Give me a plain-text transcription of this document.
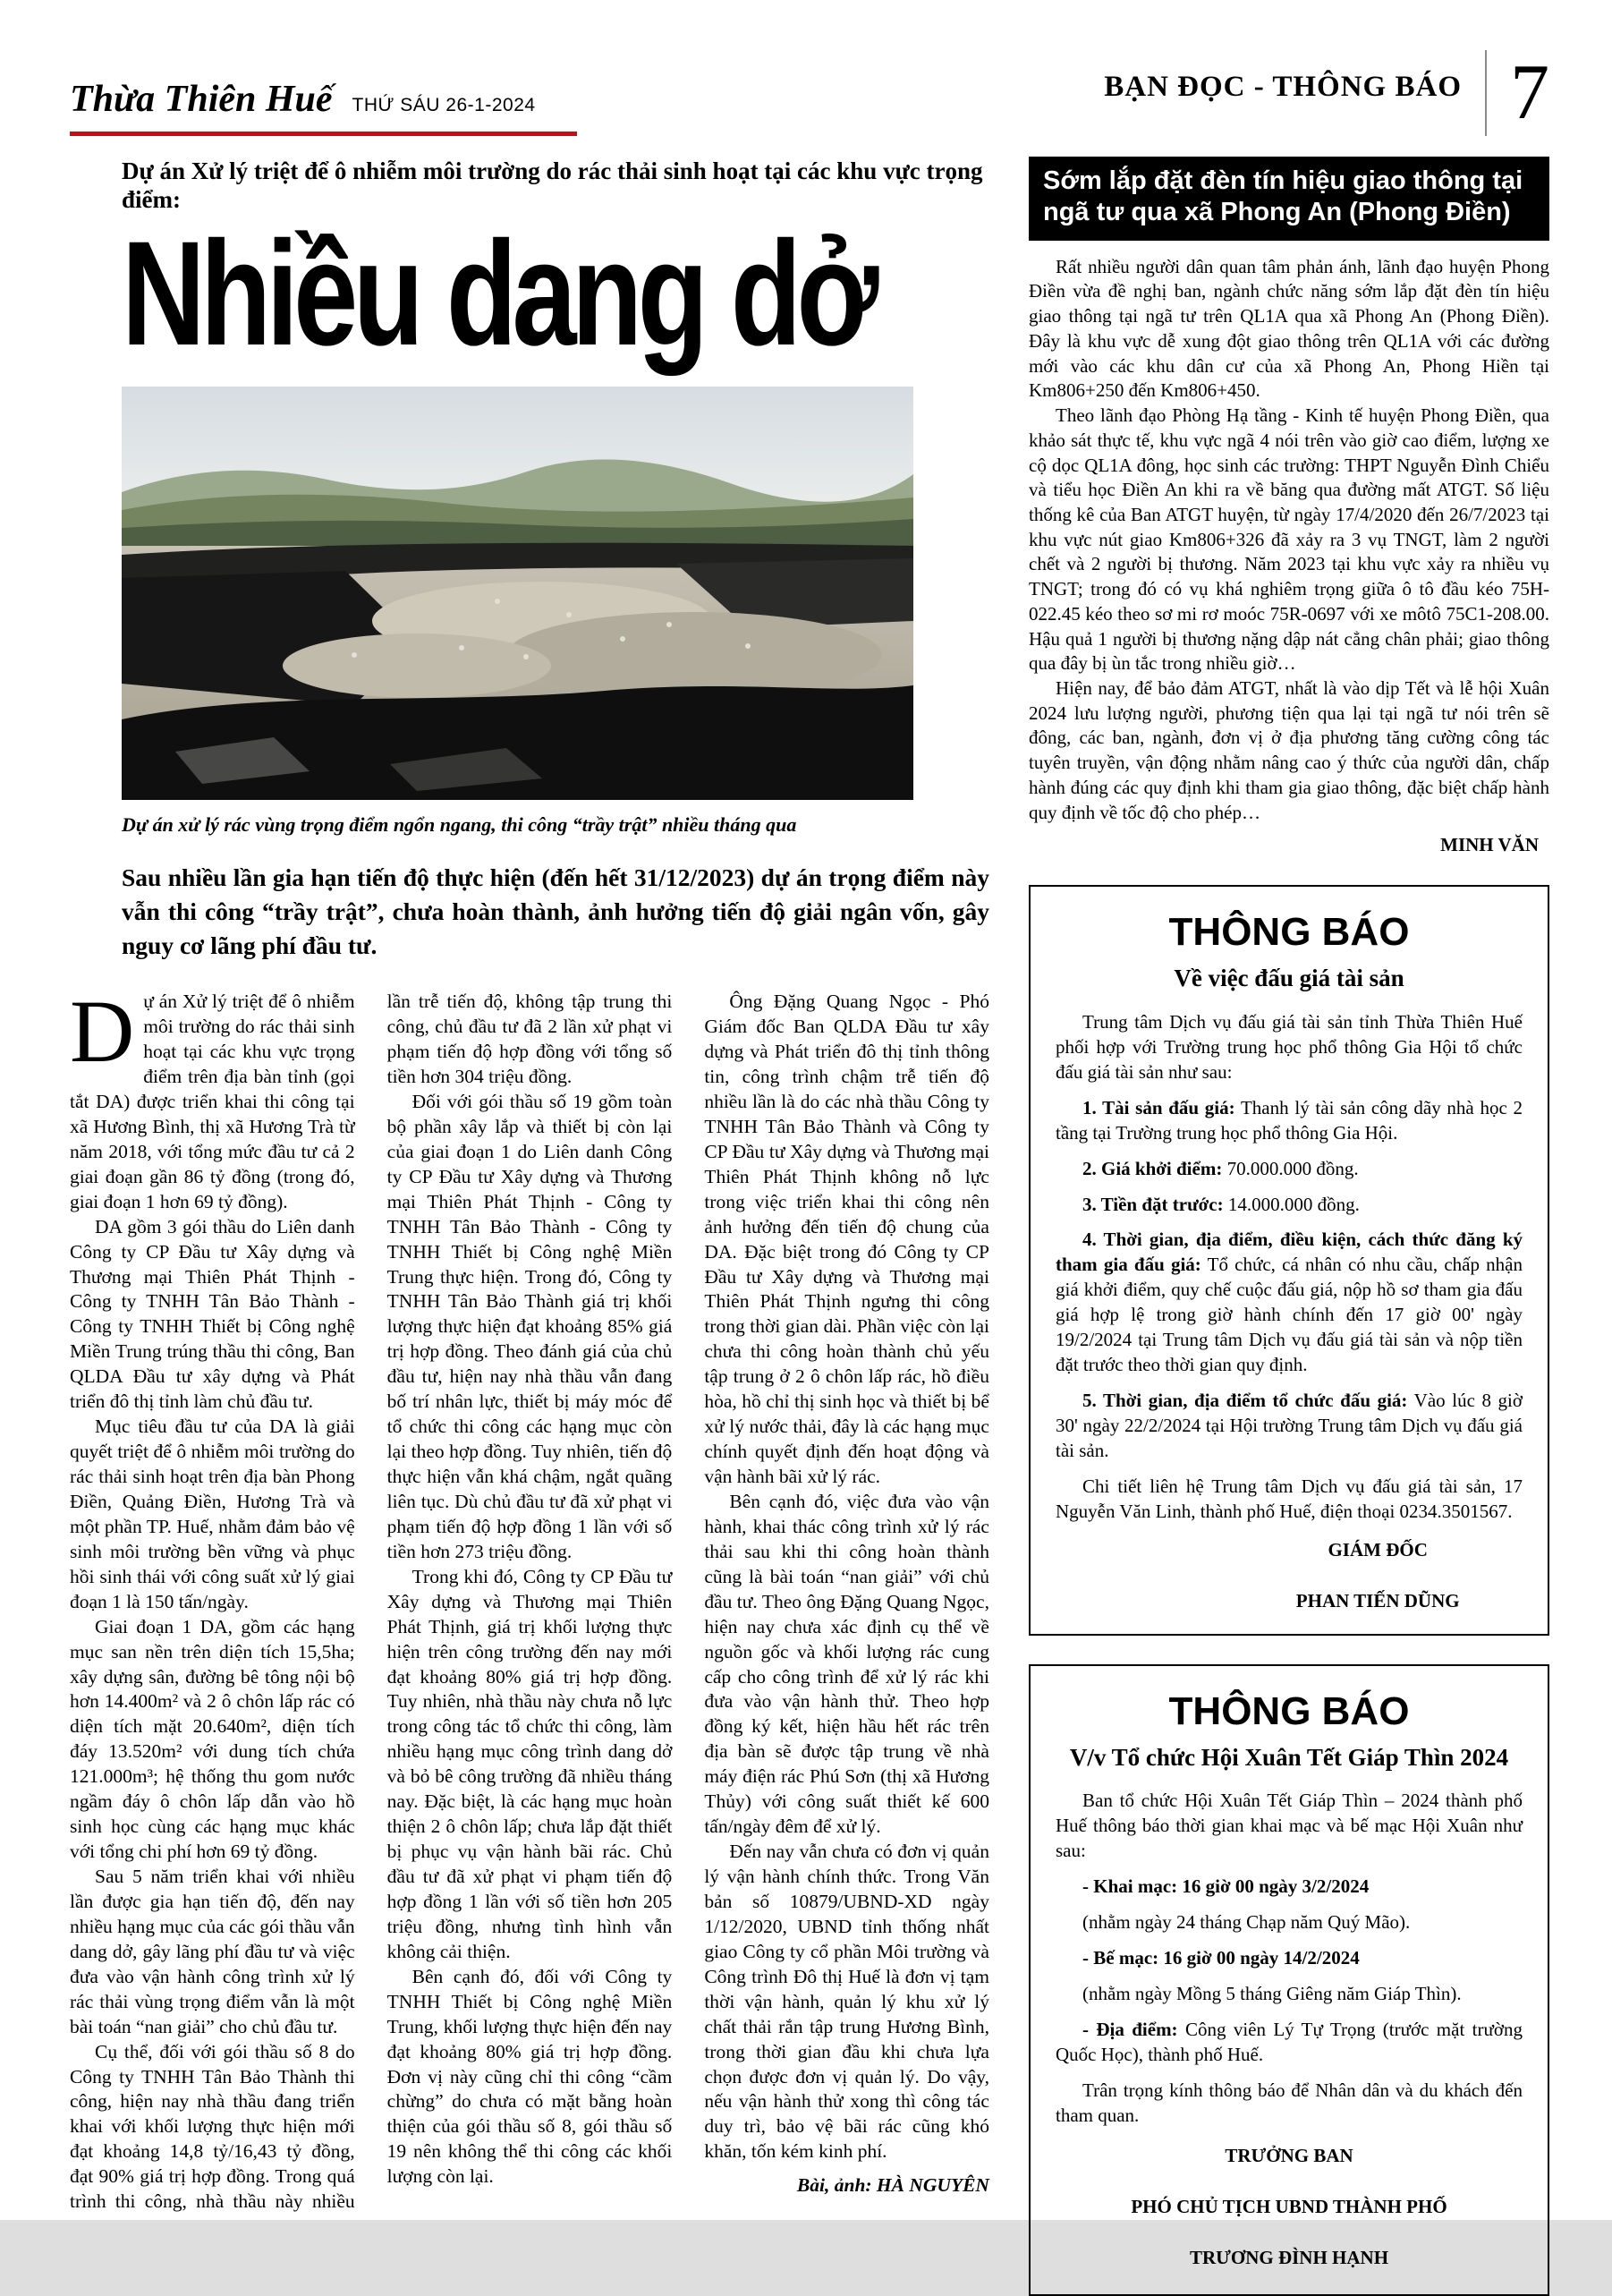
Thừa Thiên Huế THỨ SÁU 26-1-2024
BẠN ĐỌC - THÔNG BÁO 7
Dự án Xử lý triệt để ô nhiễm môi trường do rác thải sinh hoạt tại các khu vực trọng điểm:
Nhiều dang dở
Dự án xử lý rác vùng trọng điểm ngổn ngang, thi công “trầy trật” nhiều tháng qua
Sau nhiều lần gia hạn tiến độ thực hiện (đến hết 31/12/2023) dự án trọng điểm này vẫn thi công “trầy trật”, chưa hoàn thành, ảnh hưởng tiến độ giải ngân vốn, gây nguy cơ lãng phí đầu tư.

Dự án Xử lý triệt để ô nhiễm môi trường do rác thải sinh hoạt tại các khu vực trọng điểm trên địa bàn tỉnh (gọi tắt DA) được triển khai thi công tại xã Hương Bình, thị xã Hương Trà từ năm 2018, với tổng mức đầu tư cả 2 giai đoạn gần 86 tỷ đồng (trong đó, giai đoạn 1 hơn 69 tỷ đồng).

DA gồm 3 gói thầu do Liên danh Công ty CP Đầu tư Xây dựng và Thương mại Thiên Phát Thịnh - Công ty TNHH Tân Bảo Thành - Công ty TNHH Thiết bị Công nghệ Miền Trung trúng thầu thi công, Ban QLDA Đầu tư xây dựng và Phát triển đô thị tỉnh làm chủ đầu tư.

Mục tiêu đầu tư của DA là giải quyết triệt để ô nhiễm môi trường do rác thải sinh hoạt trên địa bàn Phong Điền, Quảng Điền, Hương Trà và một phần TP. Huế, nhằm đảm bảo vệ sinh môi trường bền vững và phục hồi sinh thái với công suất xử lý giai đoạn 1 là 150 tấn/ngày.

Giai đoạn 1 DA, gồm các hạng mục san nền trên diện tích 15,5ha; xây dựng sân, đường bê tông nội bộ hơn 14.400m² và 2 ô chôn lấp rác có diện tích mặt 20.640m², diện tích đáy 13.520m² với dung tích chứa 121.000m³; hệ thống thu gom nước ngầm đáy ô chôn lấp dẫn vào hồ sinh học cùng các hạng mục khác với tổng chi phí hơn 69 tỷ đồng.

Sau 5 năm triển khai với nhiều lần được gia hạn tiến độ, đến nay nhiều hạng mục của các gói thầu vẫn dang dở, gây lãng phí đầu tư và việc đưa vào vận hành công trình xử lý rác thải vùng trọng điểm vẫn là một bài toán “nan giải” cho chủ đầu tư.

Cụ thể, đối với gói thầu số 8 do Công ty TNHH Tân Bảo Thành thi công, hiện nay nhà thầu đang triển khai với khối lượng thực hiện mới đạt khoảng 14,8 tỷ/16,43 tỷ đồng, đạt 90% giá trị hợp đồng. Trong quá trình thi công, nhà thầu này nhiều lần trễ tiến độ, không tập trung thi công, chủ đầu tư đã 2 lần xử phạt vi phạm tiến độ hợp đồng với tổng số tiền hơn 304 triệu đồng.

Đối với gói thầu số 19 gồm toàn bộ phần xây lắp và thiết bị còn lại của giai đoạn 1 do Liên danh Công ty CP Đầu tư Xây dựng và Thương mại Thiên Phát Thịnh - Công ty TNHH Tân Bảo Thành - Công ty TNHH Thiết bị Công nghệ Miền Trung thực hiện. Trong đó, Công ty TNHH Tân Bảo Thành giá trị khối lượng thực hiện đạt khoảng 85% giá trị hợp đồng. Theo đánh giá của chủ đầu tư, hiện nay nhà thầu vẫn đang bố trí nhân lực, thiết bị máy móc để tổ chức thi công các hạng mục còn lại theo hợp đồng. Tuy nhiên, tiến độ thực hiện vẫn khá chậm, ngắt quãng liên tục. Dù chủ đầu tư đã xử phạt vi phạm tiến độ hợp đồng 1 lần với số tiền hơn 273 triệu đồng.

Trong khi đó, Công ty CP Đầu tư Xây dựng và Thương mại Thiên Phát Thịnh, giá trị khối lượng thực hiện trên công trường đến nay mới đạt khoảng 80% giá trị hợp đồng. Tuy nhiên, nhà thầu này chưa nỗ lực trong công tác tổ chức thi công, làm nhiều hạng mục công trình dang dở và bỏ bê công trường đã nhiều tháng nay. Đặc biệt, là các hạng mục hoàn thiện 2 ô chôn lấp; chưa lắp đặt thiết bị phục vụ vận hành bãi rác. Chủ đầu tư đã xử phạt vi phạm tiến độ hợp đồng 1 lần với số tiền hơn 205 triệu đồng, nhưng tình hình vẫn không cải thiện.

Bên cạnh đó, đối với Công ty TNHH Thiết bị Công nghệ Miền Trung, khối lượng thực hiện đến nay đạt khoảng 80% giá trị hợp đồng. Đơn vị này cũng chỉ thi công “cầm chừng” do chưa có mặt bằng hoàn thiện của gói thầu số 8, gói thầu số 19 nên không thể thi công các khối lượng còn lại.

Ông Đặng Quang Ngọc - Phó Giám đốc Ban QLDA Đầu tư xây dựng và Phát triển đô thị tỉnh thông tin, công trình chậm trễ tiến độ nhiều lần là do các nhà thầu Công ty TNHH Tân Bảo Thành và Công ty CP Đầu tư Xây dựng và Thương mại Thiên Phát Thịnh không nỗ lực trong việc triển khai thi công nên ảnh hưởng đến tiến độ chung của DA. Đặc biệt trong đó Công ty CP Đầu tư Xây dựng và Thương mại Thiên Phát Thịnh ngưng thi công trong thời gian dài. Phần việc còn lại chưa thi công hoàn thành chủ yếu tập trung ở 2 ô chôn lấp rác, hồ điều hòa, hồ chỉ thị sinh học và thiết bị bể xử lý nước thải, đây là các hạng mục chính quyết định đến hoạt động và vận hành bãi xử lý rác.

Bên cạnh đó, việc đưa vào vận hành, khai thác công trình xử lý rác thải sau khi thi công hoàn thành cũng là bài toán “nan giải” với chủ đầu tư. Theo ông Đặng Quang Ngọc, hiện nay chưa xác định cụ thể về nguồn gốc và khối lượng rác cung cấp cho công trình để xử lý rác khi đưa vào vận hành thử. Theo hợp đồng ký kết, hiện hầu hết rác trên địa bàn sẽ được tập trung về nhà máy điện rác Phú Sơn (thị xã Hương Thủy) với công suất thiết kế 600 tấn/ngày đêm để xử lý.

Đến nay vẫn chưa có đơn vị quản lý vận hành chính thức. Trong Văn bản số 10879/UBND-XD ngày 1/12/2020, UBND tỉnh thống nhất giao Công ty cổ phần Môi trường và Công trình Đô thị Huế là đơn vị tạm thời vận hành, quản lý khu xử lý chất thải rắn tập trung Hương Bình, trong thời gian đầu khi chưa lựa chọn được đơn vị quản lý. Do vậy, nếu vận hành thử xong thì công tác duy trì, bảo vệ bãi rác cũng khó khăn, tốn kém kinh phí.

Bài, ảnh: HÀ NGUYÊN

Sớm lắp đặt đèn tín hiệu giao thông tại ngã tư qua xã Phong An (Phong Điền)

Rất nhiều người dân quan tâm phản ánh, lãnh đạo huyện Phong Điền vừa đề nghị ban, ngành chức năng sớm lắp đặt đèn tín hiệu giao thông tại ngã tư trên QL1A qua xã Phong An (Phong Điền). Đây là khu vực dễ xung đột giao thông trên QL1A với các đường mới vào các khu dân cư của xã Phong An, Phong Hiền tại Km806+250 đến Km806+450.

Theo lãnh đạo Phòng Hạ tầng - Kinh tế huyện Phong Điền, qua khảo sát thực tế, khu vực ngã 4 nói trên vào giờ cao điểm, lượng xe cộ dọc QL1A đông, học sinh các trường: THPT Nguyễn Đình Chiểu và tiểu học Điền An khi ra về băng qua đường mất ATGT. Số liệu thống kê của Ban ATGT huyện, từ ngày 17/4/2020 đến 26/7/2023 tại khu vực nút giao Km806+326 đã xảy ra 3 vụ TNGT, làm 2 người chết và 2 người bị thương. Năm 2023 tại khu vực xảy ra nhiều vụ TNGT; trong đó có vụ khá nghiêm trọng giữa ô tô đầu kéo 75H-022.45 kéo theo sơ mi rơ moóc 75R-0697 với xe môtô 75C1-208.00. Hậu quả 1 người bị thương nặng dập nát cẳng chân phải; giao thông qua đây bị ùn tắc trong nhiều giờ…

Hiện nay, để bảo đảm ATGT, nhất là vào dịp Tết và lễ hội Xuân 2024 lưu lượng người, phương tiện qua lại tại ngã tư nói trên sẽ đông, các ban, ngành, đơn vị ở địa phương tăng cường công tác tuyên truyền, vận động nhằm nâng cao ý thức của người dân, chấp hành đúng các quy định khi tham gia giao thông, đặc biệt chấp hành quy định về tốc độ cho phép…

MINH VĂN
THÔNG BÁO
Về việc đấu giá tài sản

Trung tâm Dịch vụ đấu giá tài sản tỉnh Thừa Thiên Huế phối hợp với Trường trung học phổ thông Gia Hội tổ chức đấu giá tài sản như sau:

1. Tài sản đấu giá: Thanh lý tài sản công dãy nhà học 2 tầng tại Trường trung học phổ thông Gia Hội.

2. Giá khởi điểm: 70.000.000 đồng.

3. Tiền đặt trước: 14.000.000 đồng.

4. Thời gian, địa điểm, điều kiện, cách thức đăng ký tham gia đấu giá: Tổ chức, cá nhân có nhu cầu, chấp nhận giá khởi điểm, quy chế cuộc đấu giá, nộp hồ sơ tham gia đấu giá hợp lệ trong giờ hành chính đến 17 giờ 00' ngày 19/2/2024 tại Trung tâm Dịch vụ đấu giá tài sản và nộp tiền đặt trước theo thời gian quy định.

5. Thời gian, địa điểm tổ chức đấu giá: Vào lúc 8 giờ 30' ngày 22/2/2024 tại Hội trường Trung tâm Dịch vụ đấu giá tài sản.

Chi tiết liên hệ Trung tâm Dịch vụ đấu giá tài sản, 17 Nguyễn Văn Linh, thành phố Huế, điện thoại 0234.3501567.

GIÁM ĐỐC
PHAN TIẾN DŨNG
THÔNG BÁO
V/v Tổ chức Hội Xuân Tết Giáp Thìn 2024

Ban tổ chức Hội Xuân Tết Giáp Thìn – 2024 thành phố Huế thông báo thời gian khai mạc và bế mạc Hội Xuân như sau:

- Khai mạc: 16 giờ 00 ngày 3/2/2024

(nhằm ngày 24 tháng Chạp năm Quý Mão).

- Bế mạc: 16 giờ 00 ngày 14/2/2024

(nhằm ngày Mồng 5 tháng Giêng năm Giáp Thìn).

- Địa điểm: Công viên Lý Tự Trọng (trước mặt trường Quốc Học), thành phố Huế.

Trân trọng kính thông báo để Nhân dân và du khách đến tham quan.

TRƯỞNG BAN

PHÓ CHỦ TỊCH UBND THÀNH PHỐ

TRƯƠNG ĐÌNH HẠNH
